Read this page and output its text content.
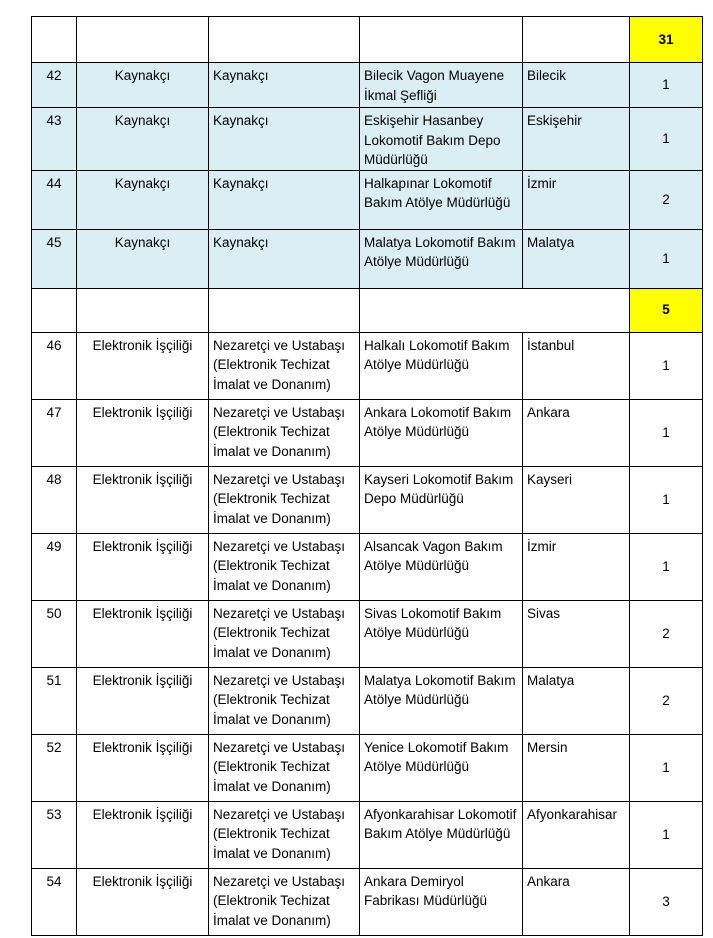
					31
42	Kaynakçı	Kaynakçı	Bilecik Vagon Muayene İkmal Şefliği	Bilecik	1
43	Kaynakçı	Kaynakçı	Eskişehir Hasanbey Lokomotif Bakım Depo Müdürlüğü	Eskişehir	1
44	Kaynakçı	Kaynakçı	Halkapınar Lokomotif Bakım Atölye Müdürlüğü	İzmir	2
45	Kaynakçı	Kaynakçı	Malatya Lokomotif Bakım Atölye Müdürlüğü	Malatya	1
					5
46	Elektronik İşçiliği	Nezaretçi ve Ustabaşı (Elektronik Techizat İmalat ve Donanım)	Halkalı Lokomotif Bakım Atölye Müdürlüğü	İstanbul	1
47	Elektronik İşçiliği	Nezaretçi ve Ustabaşı (Elektronik Techizat İmalat ve Donanım)	Ankara Lokomotif Bakım Atölye Müdürlüğü	Ankara	1
48	Elektronik İşçiliği	Nezaretçi ve Ustabaşı (Elektronik Techizat İmalat ve Donanım)	Kayseri Lokomotif Bakım Depo Müdürlüğü	Kayseri	1
49	Elektronik İşçiliği	Nezaretçi ve Ustabaşı (Elektronik Techizat İmalat ve Donanım)	Alsancak Vagon Bakım Atölye Müdürlüğü	İzmir	1
50	Elektronik İşçiliği	Nezaretçi ve Ustabaşı (Elektronik Techizat İmalat ve Donanım)	Sivas Lokomotif Bakım Atölye Müdürlüğü	Sivas	2
51	Elektronik İşçiliği	Nezaretçi ve Ustabaşı (Elektronik Techizat İmalat ve Donanım)	Malatya Lokomotif Bakım Atölye Müdürlüğü	Malatya	2
52	Elektronik İşçiliği	Nezaretçi ve Ustabaşı (Elektronik Techizat İmalat ve Donanım)	Yenice Lokomotif Bakım Atölye Müdürlüğü	Mersin	1
53	Elektronik İşçiliği	Nezaretçi ve Ustabaşı (Elektronik Techizat İmalat ve Donanım)	Afyonkarahisar Lokomotif Bakım Atölye Müdürlüğü	Afyonkarahisar	1
54	Elektronik İşçiliği	Nezaretçi ve Ustabaşı (Elektronik Techizat İmalat ve Donanım)	Ankara Demiryol Fabrikası Müdürlüğü	Ankara	3
